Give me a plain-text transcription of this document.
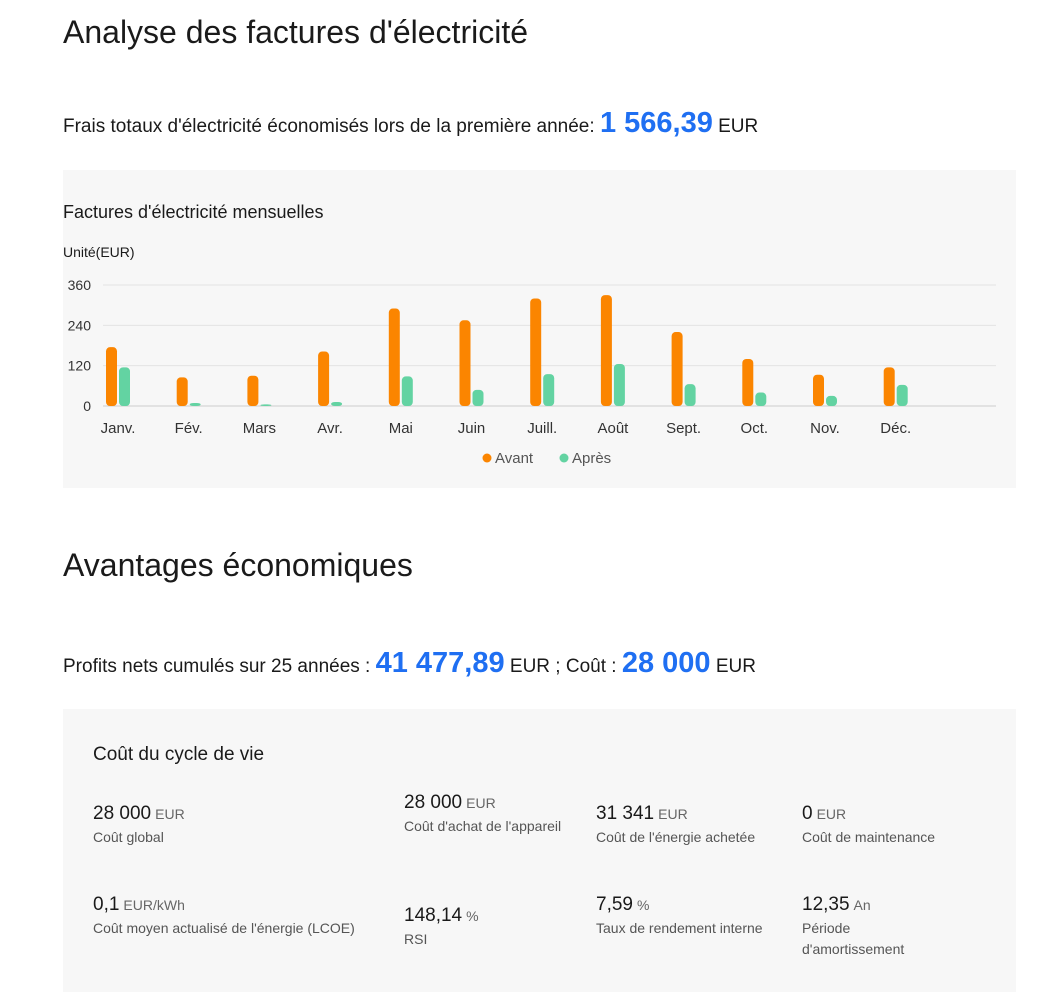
Analyse des factures d'électricité
Frais totaux d'électricité économisés lors de la première année: 1 566,39 EUR
Factures d'électricité mensuelles
Unité(EUR)
0
120
240
360
Janv.	Fév.	Mars	Avr.	Mai	Juin	Juill.	Août	Sept.	Oct.	Nov.	Déc.
Avant	Après
Avantages économiques
Profits nets cumulés sur 25 années : 41 477,89 EUR ; Coût : 28 000 EUR
Coût du cycle de vie
28 000 EUR
Coût global
28 000 EUR
Coût d'achat de l'appareil
31 341 EUR
Coût de l'énergie achetée
0 EUR
Coût de maintenance
0,1 EUR/kWh
Coût moyen actualisé de l'énergie (LCOE)
148,14 %
RSI
7,59 %
Taux de rendement interne
12,35 An
Période d'amortissement
